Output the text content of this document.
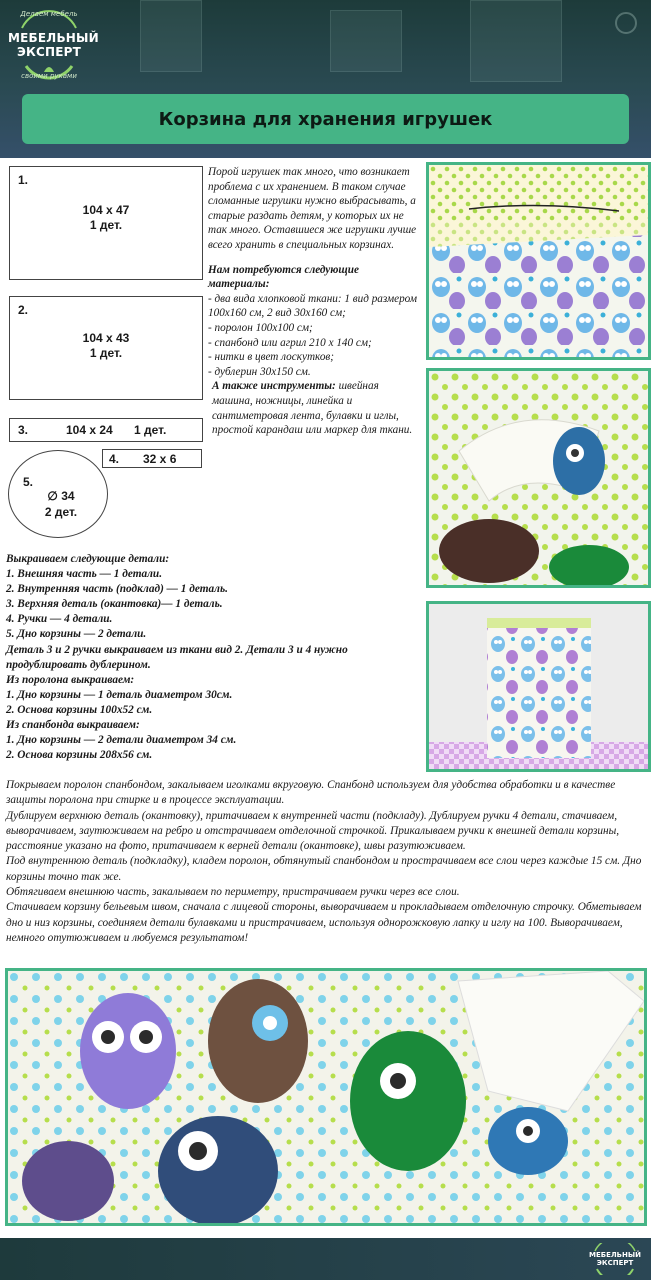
Делаем мебель
МЕБЕЛЬНЫЙ
ЭКСПЕРТ
своими руками
Корзина для хранения игрушек
1.
104 х 47
1 дет.
2.
104 х 43
1 дет.
3.	104 х 24 1 дет.
4. 32 х 6
5.
∅ 34
2 дет.

Порой игрушек так много, что возникает проблема с их хранением. В таком случае сломанные игрушки нужно выбрасывать, а старые раздать детям, у которых их не так много. Оставшиеся же игрушки лучше всего хранить в специальных корзинах.

Нам потребуются следующие материалы:
- два вида хлопковой ткани: 1 вид размером 100х160 см, 2 вид 30х160 см;
- поролон 100х100 см;
- спанбонд или агрил 210 х 140 см;
- нитки в цвет лоскутков;
- дублерин 30х150 см.
А также инструменты: швейная машина, ножницы, линейка и сантиметровая лента, булавки и иглы, простой карандаш или маркер для ткани.
Выкраиваем следующие детали:
1. Внешняя часть — 1 детали.
2. Внутренняя часть (подклад) — 1 деталь.
3. Верхняя деталь (окантовка)— 1 деталь.
4. Ручки — 4 детали.
5. Дно корзины — 2 детали.
Деталь 3 и 2 ручки выкраиваем из ткани вид 2. Детали 3 и 4 нужно продублировать дублерином.
Из поролона выкраиваем:
1. Дно корзины — 1 деталь диаметром 30см.
2. Основа корзины 100х52 см.
Из спанбонда выкраиваем:
1. Дно корзины — 2 детали диаметром 34 см.
2. Основа корзины 208х56 см.

Покрываем поролон спанбондом, закалываем иголками вкруговую. Спанбонд используем для удобства обработки и в качестве защиты поролона при стирке и в процессе эксплуатации.

Дублируем верхнюю деталь (окантовку), притачиваем к внутренней части (подкладу). Дублируем ручки 4 детали, стачиваем, выворачиваем, заутюживаем на ребро и отстрачиваем отделочной строчкой. Прикалываем ручки к внешней детали корзины, расстояние указано на фото, притачиваем к верней детали (окантовке), швы разутюживаем.

Под внутреннюю деталь (подкладку), кладем поролон, обтянутый спанбондом и прострачиваем все слои через каждые 15 см. Дно корзины точно так же.

Обтягиваем внешнюю часть, закалываем по периметру, пристрачиваем ручки через все слои.

Стачиваем корзину бельевым швом, сначала с лицевой стороны, выворачиваем и прокладываем отделочную строчку. Обметываем дно и низ корзины, соединяем детали булавками и пристрачиваем, используя однорожковую лапку и иглу на 100. Выворачиваем, немного отутюживаем и любуемся результатом!

МЕБЕЛЬНЫЙ
ЭКСПЕРТ
